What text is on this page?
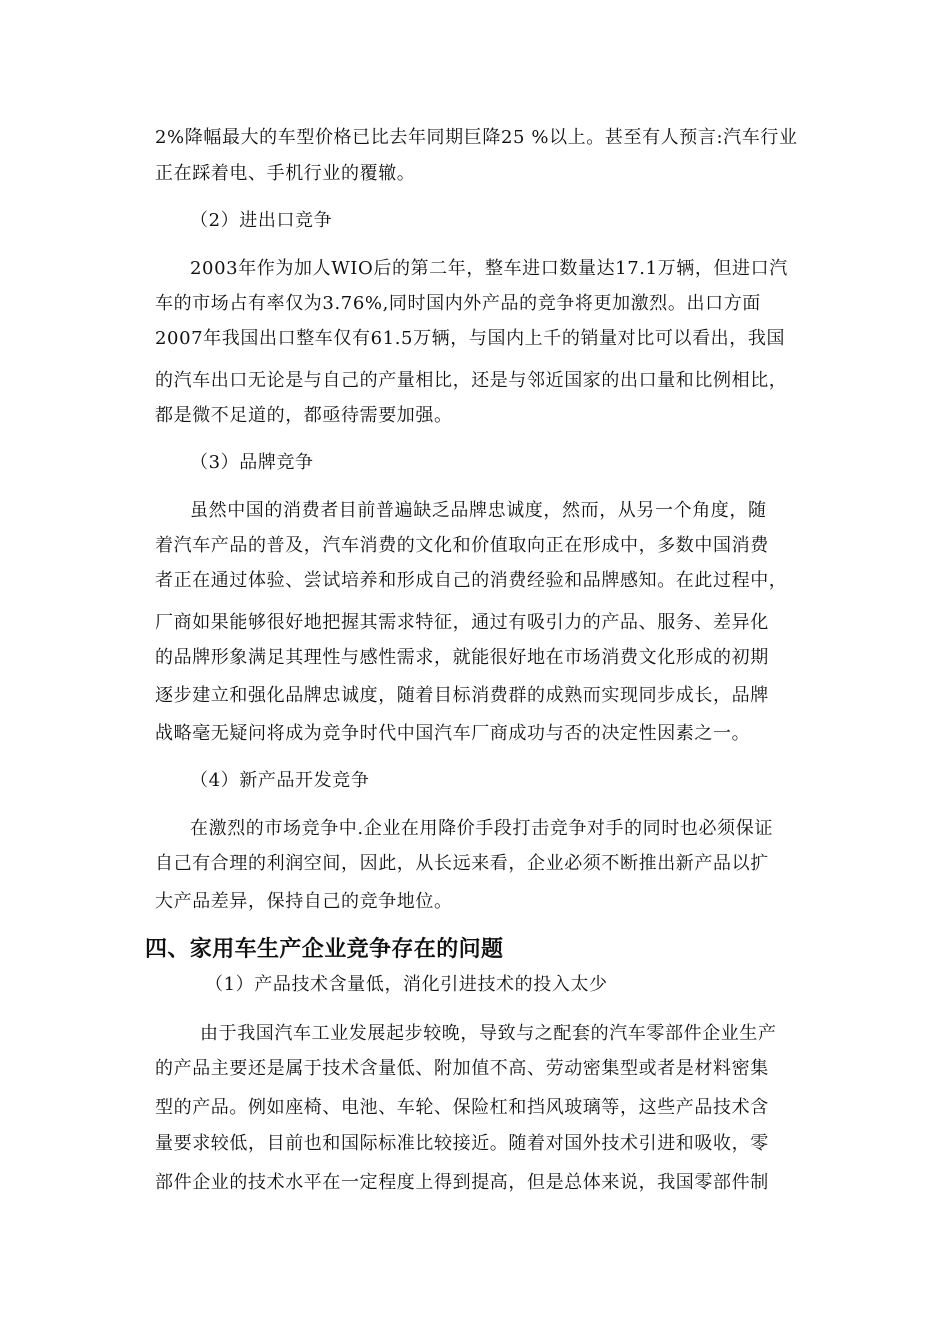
2%降幅最大的车型价格已比去年同期巨降25 %以上。甚至有人预言:汽车行业
正在踩着电、手机行业的覆辙。
（2）进出口竞争
2003年作为加人WIO后的第二年，整车进口数量达17.1万辆，但进口汽
车的市场占有率仅为3.76%,同时国内外产品的竞争将更加激烈。出口方面
2007年我国出口整车仅有61.5万辆，与国内上千的销量对比可以看出，我国
的汽车出口无论是与自己的产量相比，还是与邻近国家的出口量和比例相比，
都是微不足道的，都亟待需要加强。
（3）品牌竞争
虽然中国的消费者目前普遍缺乏品牌忠诚度，然而，从另一个角度，随
着汽车产品的普及，汽车消费的文化和价值取向正在形成中，多数中国消费
者正在通过体验、尝试培养和形成自己的消费经验和品牌感知。在此过程中，
厂商如果能够很好地把握其需求特征，通过有吸引力的产品、服务、差异化
的品牌形象满足其理性与感性需求，就能很好地在市场消费文化形成的初期
逐步建立和强化品牌忠诚度，随着目标消费群的成熟而实现同步成长，品牌
战略毫无疑问将成为竞争时代中国汽车厂商成功与否的决定性因素之一。
（4）新产品开发竞争
在激烈的市场竞争中.企业在用降价手段打击竞争对手的同时也必须保证
自己有合理的利润空间，因此，从长远来看，企业必须不断推出新产品以扩
大产品差异，保持自己的竞争地位。
四、家用车生产企业竞争存在的问题
（1）产品技术含量低，消化引进技术的投入太少
由于我国汽车工业发展起步较晚，导致与之配套的汽车零部件企业生产
的产品主要还是属于技术含量低、附加值不高、劳动密集型或者是材料密集
型的产品。例如座椅、电池、车轮、保险杠和挡风玻璃等，这些产品技术含
量要求较低，目前也和国际标准比较接近。随着对国外技术引进和吸收，零
部件企业的技术水平在一定程度上得到提高，但是总体来说，我国零部件制
